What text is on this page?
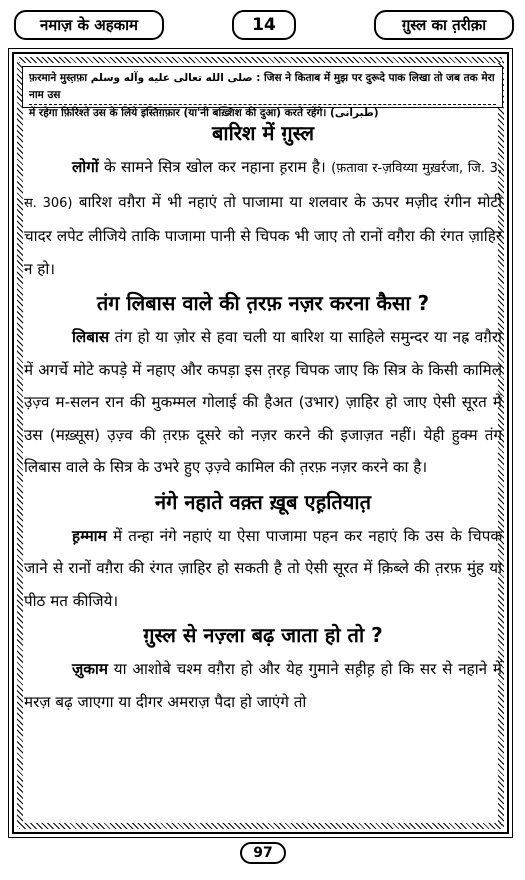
नमाज़ के अहकाम	14	ग़ुस्ल का त़रीक़ा
फ़रमाने मुस्त़फ़ा صلى الله تعالى عليه وآله وسلم : जिस ने किताब में मुझ पर दुरूदे पाक लिखा तो जब तक मेरा नाम उस
में रहेगा फ़िरिश्ते उस के लिये इस्तिग़फ़ार (या'नी बख़्शिश की दुआ) करते रहेंगे। (طبرانی)
बारिश में ग़ुस्ल

लोगों के सामने सित्र खोल कर नहाना ह़राम है। (फ़तावा र-ज़विय्या मुख़र्रजा, जि. 3, स. 306) बारिश वग़ैरा में भी नहाएं तो पाजामा या शलवार के ऊपर मज़ीद रंगीन मोटी चादर लपेट लीजिये ताकि पाजामा पानी से चिपक भी जाए तो रानों वग़ैरा की रंगत ज़ाहिर न हो।

तंग लिबास वाले की त़रफ़ नज़र करना कैसा ?

लिबास तंग हो या ज़ोर से हवा चली या बारिश या साहिले समुन्दर या नह्र वग़ैरा में अगर्चे मोटे कपड़े में नहाए और कपड़ा इस त़रह़ चिपक जाए कि सित्र के किसी कामिल उ़ज़्व म-सलन रान की मुकम्मल गोलाई की हैअत (उभार) ज़ाहिर हो जाए ऐसी सूरत में उस (मख़्सूस) उ़ज़्व की त़रफ़ दूसरे को नज़र करने की इजाज़त नहीं। येही हुक्म तंग लिबास वाले के सित्र के उभरे हुए उ़ज़्वे कामिल की त़रफ़ नज़र करने का है।

नंगे नहाते वक़्त ख़ूब एह़तियात़

ह़म्माम में तन्हा नंगे नहाएं या ऐसा पाजामा पहन कर नहाएं कि उस के चिपक जाने से रानों वग़ैरा की रंगत ज़ाहिर हो सकती है तो ऐसी सूरत में क़िब्ले की त़रफ़ मुंह या पीठ मत कीजिये।

ग़ुस्ल से नज़्ला बढ़ जाता हो तो ?

ज़ुकाम या आशोबे चश्म वग़ैरा हो और येह गुमाने सह़ीह़ हो कि सर से नहाने में मरज़ बढ़ जाएगा या दीगर अमराज़ पैदा हो जाएंगे तो

97
